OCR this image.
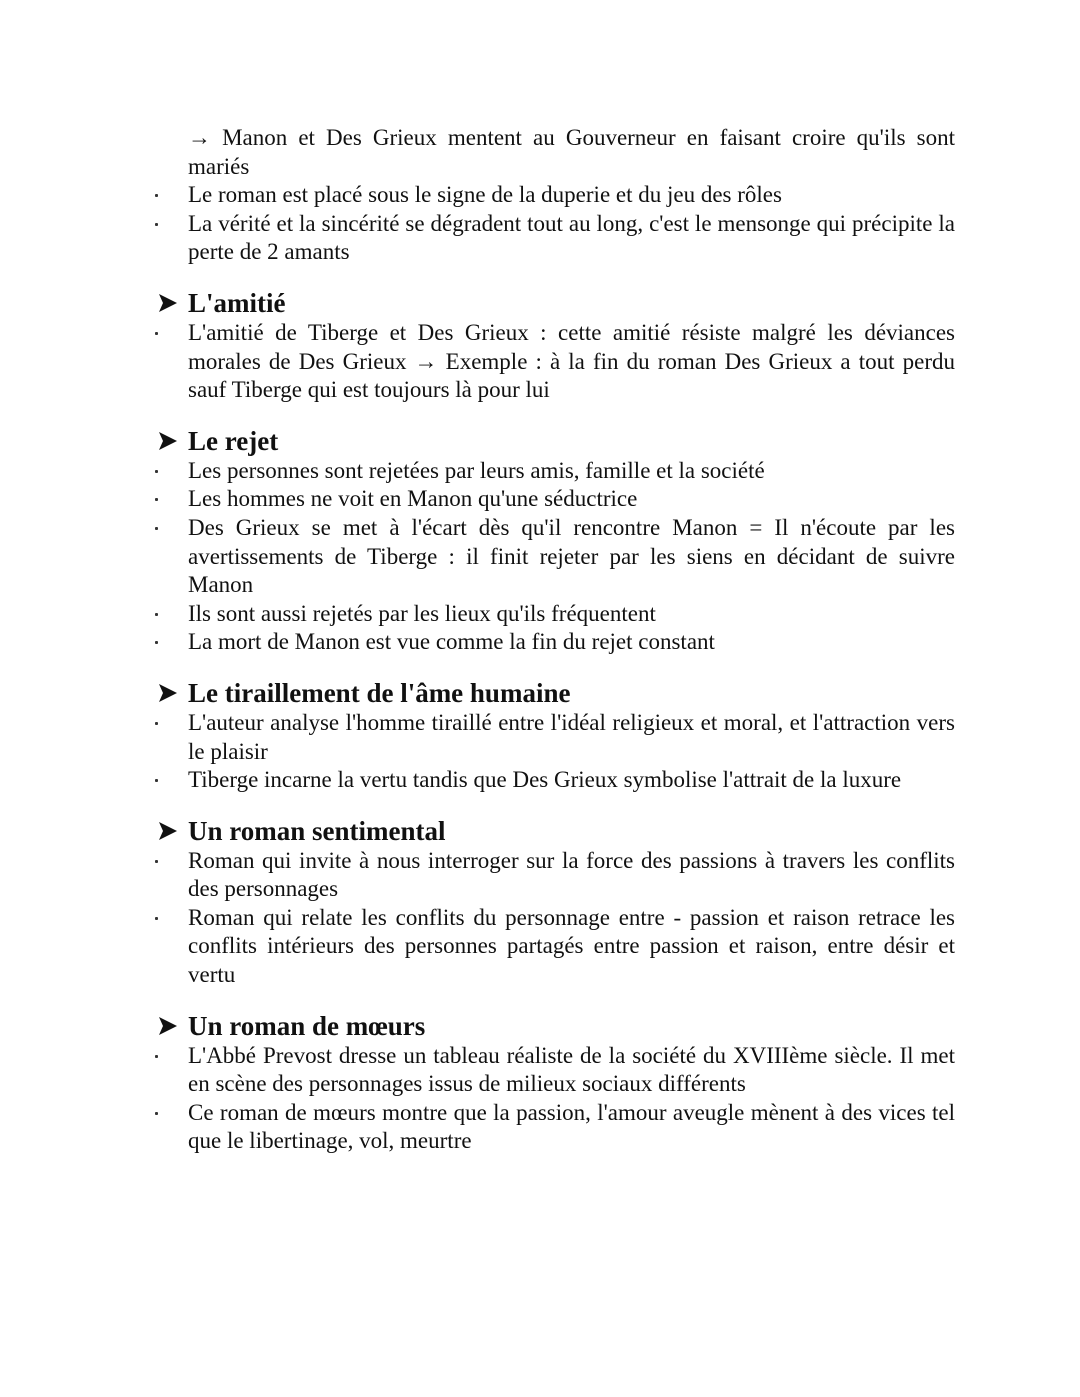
→ Manon et Des Grieux mentent au Gouverneur en faisant croire qu'ils sont mariés
Le roman est placé sous le signe de la duperie et du jeu des rôles
La vérité et la sincérité se dégradent tout au long, c'est le mensonge qui précipite la perte de 2 amants
L'amitié
L'amitié de Tiberge et Des Grieux : cette amitié résiste malgré les déviances morales de Des Grieux → Exemple : à la fin du roman Des Grieux a tout perdu sauf Tiberge qui est toujours là pour lui
Le rejet
Les personnes sont rejetées par leurs amis, famille et la société
Les hommes ne voit en Manon qu'une séductrice
Des Grieux se met à l'écart dès qu'il rencontre Manon = Il n'écoute par les avertissements de Tiberge : il finit rejeter par les siens en décidant de suivre Manon
Ils sont aussi rejetés par les lieux qu'ils fréquentent
La mort de Manon est vue comme la fin du rejet constant
Le tiraillement de l'âme humaine
L'auteur analyse l'homme tiraillé entre l'idéal religieux et moral, et l'attraction vers le plaisir
Tiberge incarne la vertu tandis que Des Grieux symbolise l'attrait de la luxure
Un roman sentimental
Roman qui invite à nous interroger sur la force des passions à travers les conflits des personnages
Roman qui relate les conflits du personnage entre - passion et raison retrace les conflits intérieurs des personnes partagés entre passion et raison, entre désir et vertu
Un roman de mœurs
L'Abbé Prevost dresse un tableau réaliste de la société du XVIIIème siècle. Il met en scène des personnages issus de milieux sociaux différents
Ce roman de mœurs montre que la passion, l'amour aveugle mènent à des vices tel que le libertinage, vol, meurtre
